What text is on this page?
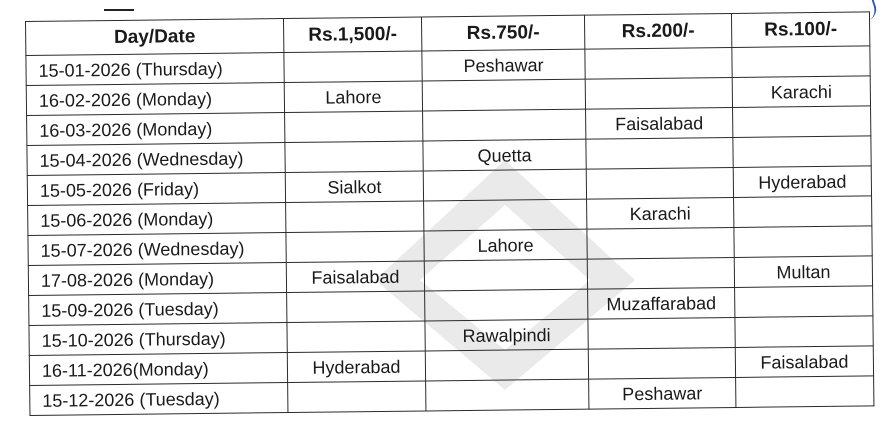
Day/Date	Rs.1,500/-	Rs.750/-	Rs.200/-	Rs.100/-
15-01-2026 (Thursday)		Peshawar		

16-02-2026 (Monday)	Lahore			Karachi

16-03-2026 (Monday)			Faisalabad	

15-04-2026 (Wednesday)		Quetta		

15-05-2026 (Friday)	Sialkot			Hyderabad

15-06-2026 (Monday)			Karachi	

15-07-2026 (Wednesday)		Lahore		

17-08-2026 (Monday)	Faisalabad			Multan

15-09-2026 (Tuesday)			Muzaffarabad	

15-10-2026 (Thursday)		Rawalpindi		

16-11-2026(Monday)	Hyderabad			Faisalabad

15-12-2026 (Tuesday)			Peshawar	
